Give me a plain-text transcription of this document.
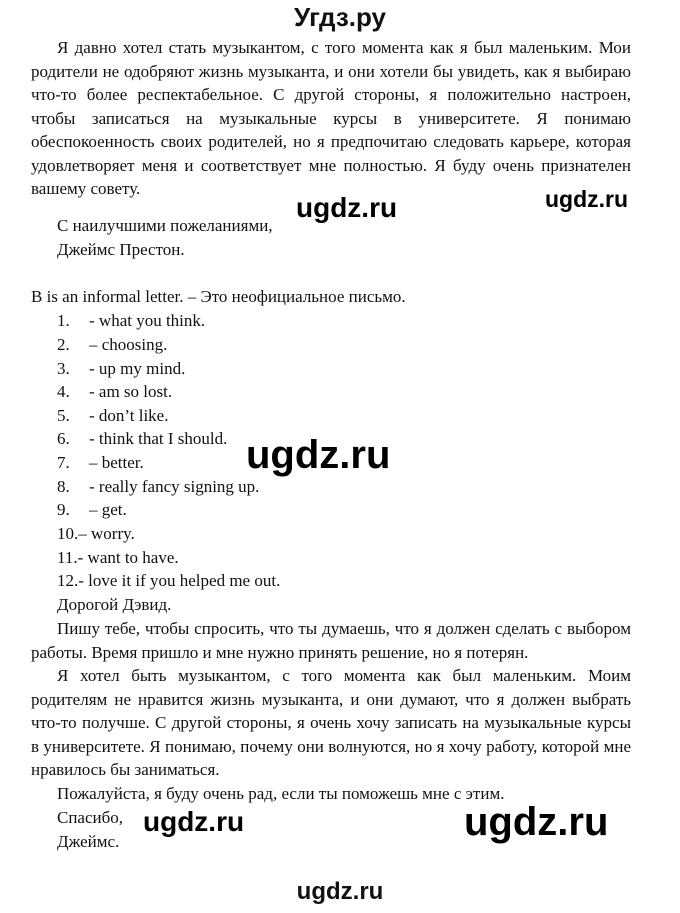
Угдз.ру
Я давно хотел стать музыкантом, с того момента как я был маленьким. Мои родители не одобряют жизнь музыканта, и они хотели бы увидеть, как я выбираю что-то более респектабельное. С другой стороны, я положительно настроен, чтобы записаться на музыкальные курсы в университете. Я понимаю обеспокоенность своих родителей, но я предпочитаю следовать карьере, которая удовлетворяет меня и соответствует мне полностью. Я буду очень признателен вашему совету.
С наилучшими пожеланиями,
Джеймс Престон.
B is an informal letter. – Это неофициальное письмо.
1. - what you think.
2. – choosing.
3. - up my mind.
4. - am so lost.
5. - don’t like.
6. - think that I should.
7. – better.
8. - really fancy signing up.
9. – get.
10.– worry.
11.- want to have.
12.- love it if you helped me out.
Дорогой Дэвид.
Пишу тебе, чтобы спросить, что ты думаешь, что я должен сделать с выбором работы. Время пришло и мне нужно принять решение, но я потерян.
Я хотел быть музыкантом, с того момента как был маленьким. Моим родителям не нравится жизнь музыканта, и они думают, что я должен выбрать что-то получше. С другой стороны, я очень хочу записать на музыкальные курсы в университете. Я понимаю, почему они волнуются, но я хочу работу, которой мне нравилось бы заниматься.
Пожалуйста, я буду очень рад, если ты поможешь мне с этим.
Спасибо,
Джеймс.
ugdz.ru	ugdz.ru
ugdz.ru
ugdz.ru	ugdz.ru
ugdz.ru
